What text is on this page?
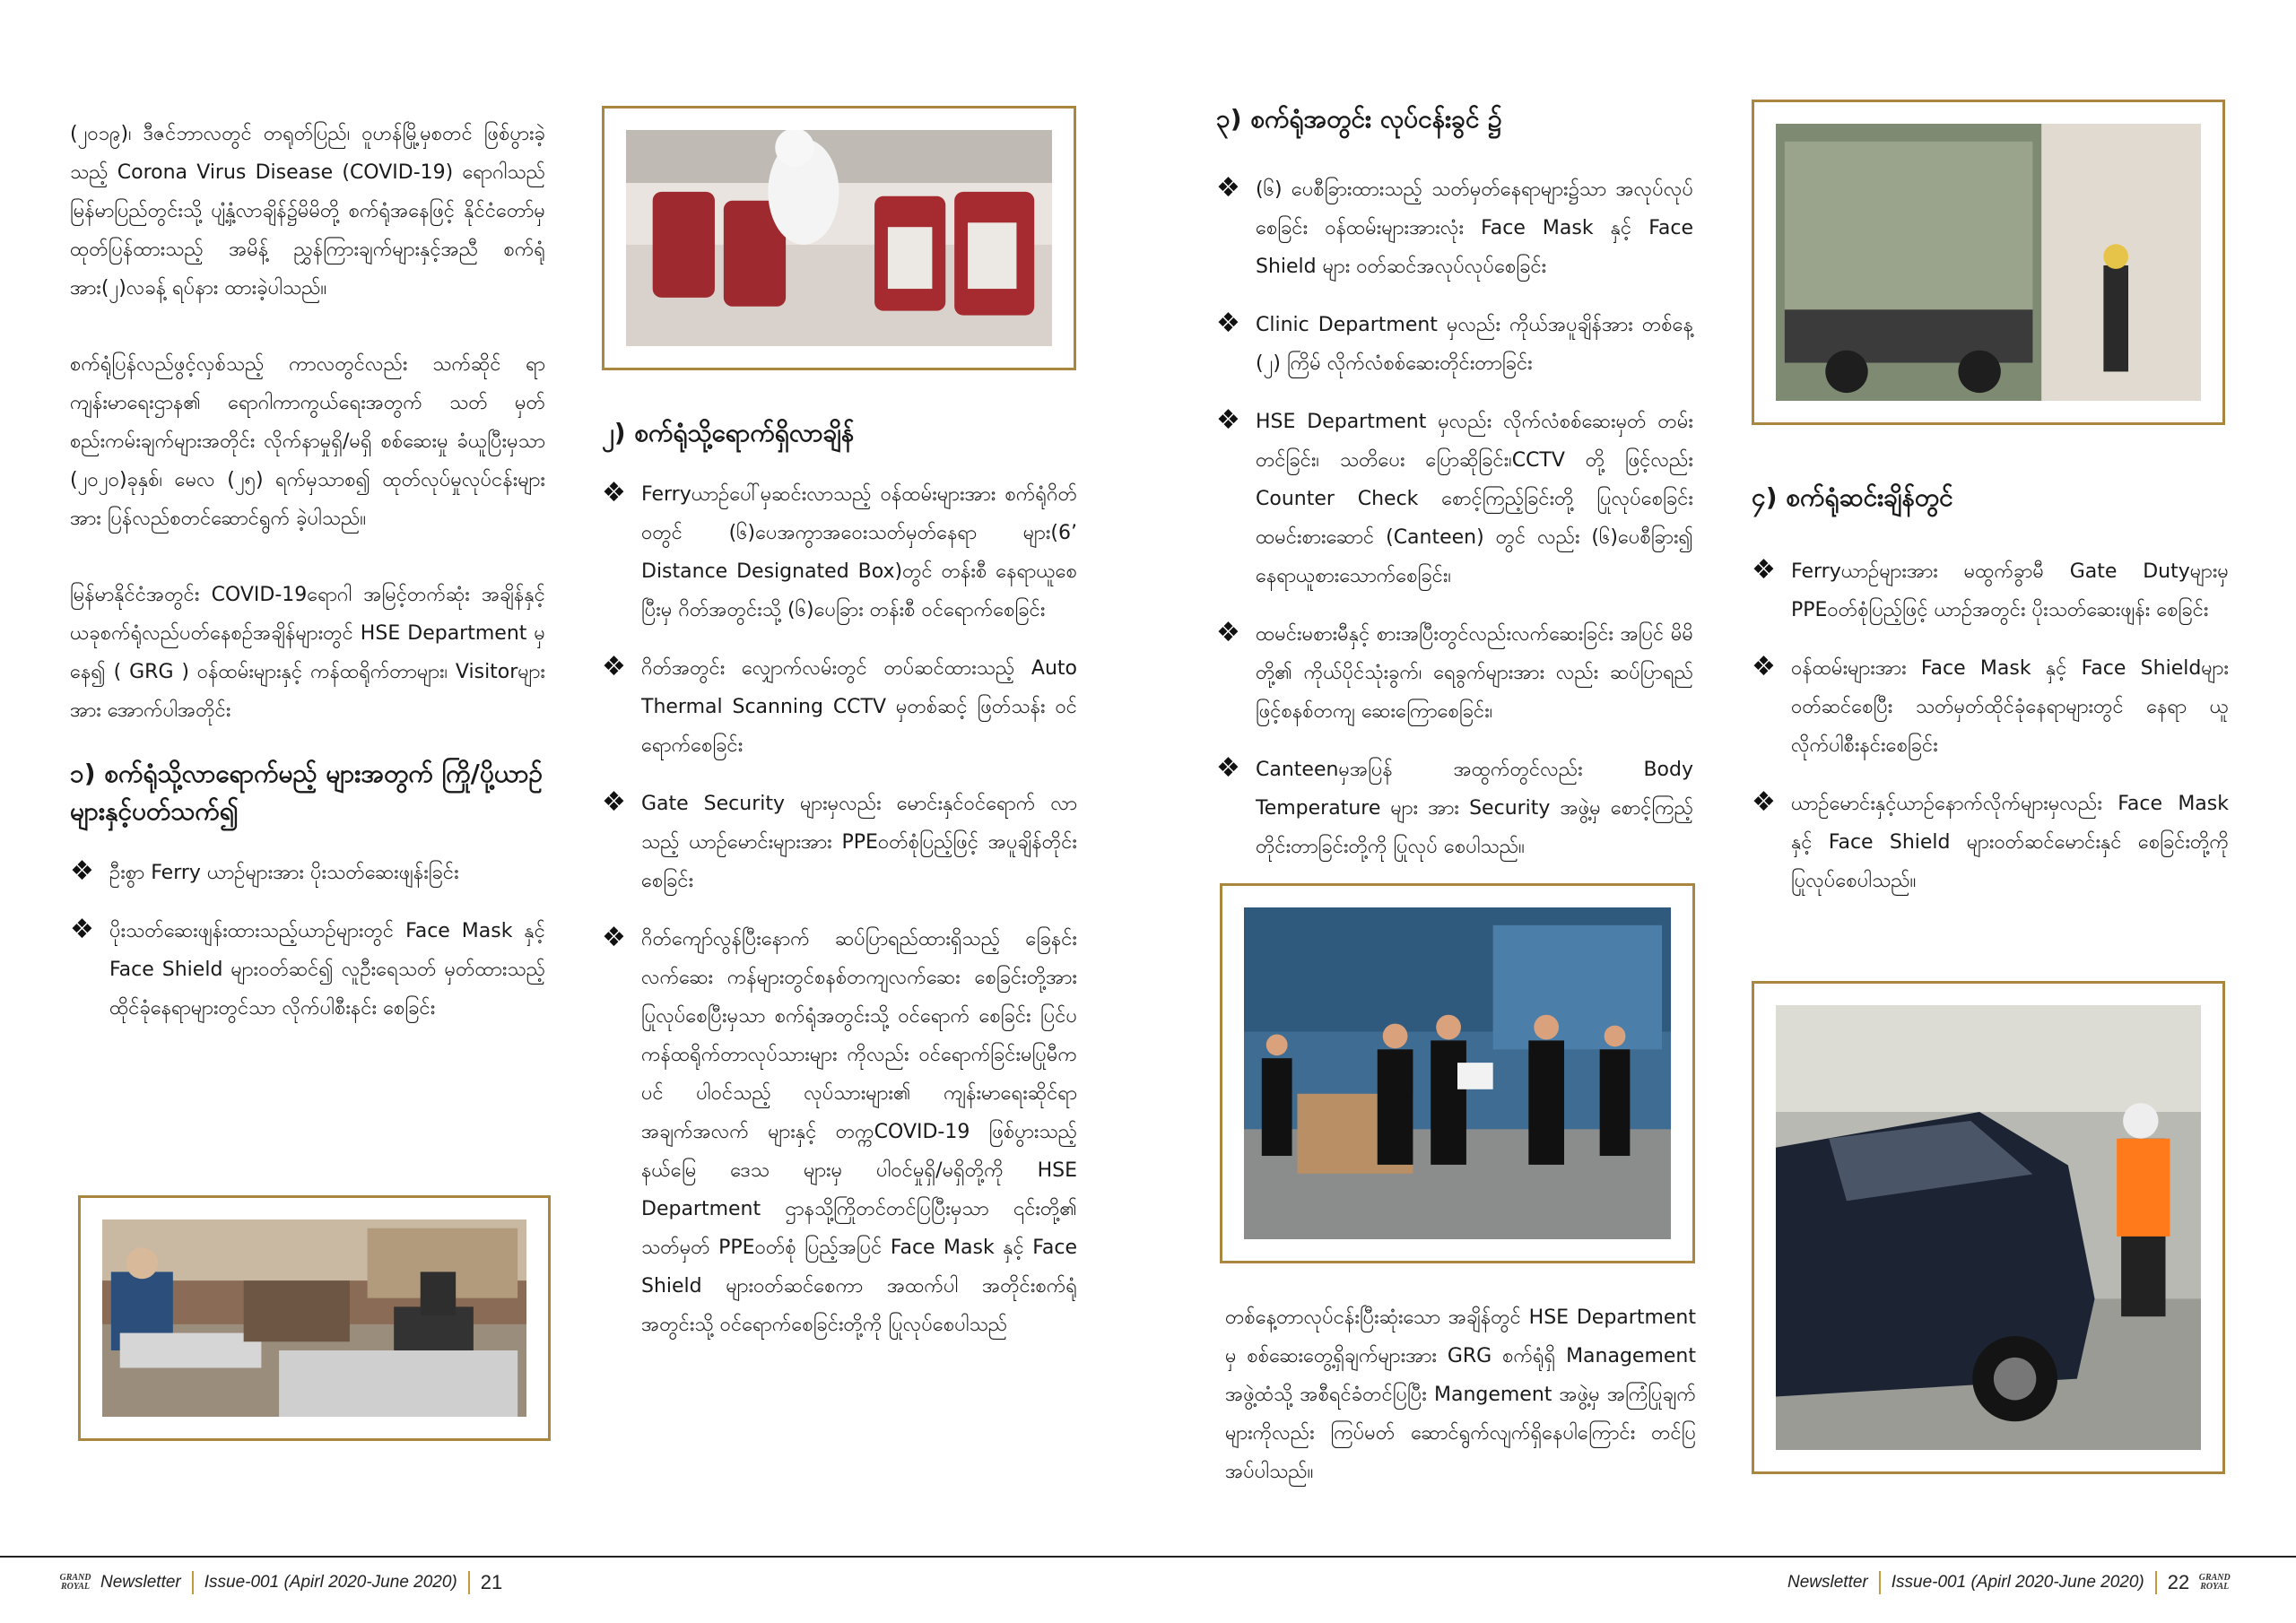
(၂၀၁၉)၊ ဒီဇင်ဘာလတွင် တရုတ်ပြည်၊ ဝူဟန်မြို့မှစတင် ဖြစ်ပွားခဲ့သည့် Corona Virus Disease (COVID-19) ရောဂါသည် မြန်မာပြည်တွင်းသို့ ပျံ့နှံ့လာချိန်၌မိမိတို့ စက်ရုံအနေဖြင့် နိုင်ငံတော်မှထုတ်ပြန်ထားသည့် အမိန့် ညွှန်ကြားချက်များနှင့်အညီ စက်ရုံအား(၂)လခန့် ရပ်နား ထားခဲ့ပါသည်။

စက်ရုံပြန်လည်ဖွင့်လှစ်သည့် ကာလတွင်လည်း သက်ဆိုင် ရာကျန်းမာရေးဌာန၏ ရောဂါကာကွယ်ရေးအတွက် သတ် မှတ် စည်းကမ်းချက်များအတိုင်း လိုက်နာမှုရှိ/မရှိ စစ်ဆေးမှု ခံယူပြီးမှသာ (၂၀၂၀)ခုနှစ်၊ မေလ (၂၅) ရက်မှသာစ၍ ထုတ်လုပ်မှုလုပ်ငန်းများအား ပြန်လည်စတင်ဆောင်ရွက် ခဲ့ပါသည်။

မြန်မာနိုင်ငံအတွင်း COVID-19ရောဂါ အမြင့်တက်ဆုံး အချိန်နှင့် ယခုစက်ရုံလည်ပတ်နေစဉ်အချိန်များတွင် HSE Department မှနေ၍ ( GRG ) ဝန်ထမ်းများနှင့် ကန်ထရိုက်တာများ၊ Visitorများအား အောက်ပါအတိုင်း

၁) စက်ရုံသို့လာရောက်မည့် များအတွက် ကြို/ပို့ယာဉ်များနှင့်ပတ်သက်၍
❖ ဦးစွာ Ferry ယာဉ်များအား ပိုးသတ်ဆေးဖျန်းခြင်း
❖ ပိုးသတ်ဆေးဖျန်းထားသည့်ယာဉ်များတွင် Face Mask နှင့် Face Shield များဝတ်ဆင်၍ လူဦးရေသတ် မှတ်ထားသည့်ထိုင်ခုံနေရာများတွင်သာ လိုက်ပါစီးနင်း စေခြင်း
၂) စက်ရုံသို့ရောက်ရှိလာချိန်
❖ Ferryယာဉ်ပေါ်မှဆင်းလာသည့် ဝန်ထမ်းများအား စက်ရုံဂိတ်ဝတွင် (၆)ပေအကွာအဝေးသတ်မှတ်နေရာ များ(6’ Distance Designated Box)တွင် တန်းစီ နေရာယူစေပြီးမှ ဂိတ်အတွင်းသို့ (၆)ပေခြား တန်းစီ ဝင်ရောက်စေခြင်း
❖ ဂိတ်အတွင်း လျှောက်လမ်းတွင် တပ်ဆင်ထားသည့် Auto Thermal Scanning CCTV မှတစ်ဆင့် ဖြတ်သန်း ဝင်ရောက်စေခြင်း
❖ Gate Security များမှလည်း မောင်းနှင်ဝင်ရောက် လာသည့် ယာဉ်မောင်းများအား PPEဝတ်စုံပြည့်ဖြင့် အပူချိန်တိုင်းစေခြင်း
❖ ဂိတ်ကျော်လွန်ပြီးနောက် ဆပ်ပြာရည်ထားရှိသည့် ခြေနင်းလက်ဆေး ကန်များတွင်စနစ်တကျလက်ဆေး စေခြင်းတို့အား ပြုလုပ်စေပြီးမှသာ စက်ရုံအတွင်းသို့ ဝင်ရောက် စေခြင်း ပြင်ပကန်ထရိုက်တာလုပ်သားများ ကိုလည်း ဝင်ရောက်ခြင်းမပြုမီကပင် ပါဝင်သည့် လုပ်သားများ၏ ကျန်းမာရေးဆိုင်ရာအချက်အလက် များနှင့် တက္ကCOVID-19 ဖြစ်ပွားသည့် နယ်မြေ ဒေသ များမှ ပါဝင်မှုရှိ/မရှိတို့ကို HSE Department ဌာနသို့ကြိုတင်တင်ပြပြီးမှသာ ၎င်းတို့၏ သတ်မှတ် PPEဝတ်စုံ ပြည့်အပြင် Face Mask နှင့် Face Shield များဝတ်ဆင်စေကာ အထက်ပါ အတိုင်းစက်ရုံအတွင်းသို့ ဝင်ရောက်စေခြင်းတို့ကို ပြုလုပ်စေပါသည်
၃) စက်ရုံအတွင်း လုပ်ငန်းခွင် ၌
❖ (၆) ပေစီခြားထားသည့် သတ်မှတ်နေရာများ၌သာ အလုပ်လုပ်စေခြင်း ဝန်ထမ်းများအားလုံး Face Mask နှင့် Face Shield များ ဝတ်ဆင်အလုပ်လုပ်စေခြင်း
❖ Clinic Department မှလည်း ကိုယ်အပူချိန်အား တစ်နေ့ (၂) ကြိမ် လိုက်လံစစ်ဆေးတိုင်းတာခြင်း
❖ HSE Department မှလည်း လိုက်လံစစ်ဆေးမှတ် တမ်းတင်ခြင်း၊ သတိပေး ပြောဆိုခြင်း၊CCTV တို့ ဖြင့်လည်း Counter Check စောင့်ကြည့်ခြင်းတို့ ပြုလုပ်စေခြင်း ထမင်းစားဆောင် (Canteen) တွင် လည်း (၆)ပေစီခြား၍ နေရာယူစားသောက်စေခြင်း၊
❖ ထမင်းမစားမီနှင့် စားအပြီးတွင်လည်းလက်ဆေးခြင်း အပြင် မိမိတို့၏ ကိုယ်ပိုင်သုံးခွက်၊ ရေခွက်များအား လည်း ဆပ်ပြာရည်ဖြင့်စနစ်တကျ ဆေးကြောစေခြင်း၊
❖ Canteenမှအပြန် အထွက်တွင်လည်း Body Temperature များ အား Security အဖွဲ့မှ စောင့်ကြည့် တိုင်းတာခြင်းတို့ကို ပြုလုပ် စေပါသည်။

တစ်နေ့တာလုပ်ငန်းပြီးဆုံးသော အချိန်တွင် HSE Department မှ စစ်ဆေးတွေ့ရှိချက်များအား GRG စက်ရုံရှိ Management အဖွဲ့ထံသို့ အစီရင်ခံတင်ပြပြီး Mangement အဖွဲ့မှ အကြံပြုချက်များကိုလည်း ကြပ်မတ် ဆောင်ရွက်လျက်ရှိနေပါကြောင်း တင်ပြအပ်ပါသည်။

၄) စက်ရုံဆင်းချိန်တွင်
❖ Ferryယာဉ်များအား မထွက်ခွာမီ Gate Dutyများမှ PPEဝတ်စုံပြည့်ဖြင့် ယာဉ်အတွင်း ပိုးသတ်ဆေးဖျန်း စေခြင်း
❖ ဝန်ထမ်းများအား Face Mask နှင့် Face Shieldများ ဝတ်ဆင်စေပြီး သတ်မှတ်ထိုင်ခုံနေရာများတွင် နေရာ ယူလိုက်ပါစီးနင်းစေခြင်း
❖ ယာဉ်မောင်းနှင့်ယာဉ်နောက်လိုက်များမှလည်း Face Mask နှင့် Face Shield များဝတ်ဆင်မောင်းနှင် စေခြင်းတို့ကို ပြုလုပ်စေပါသည်။
GRAND
ROYAL Newsletter Issue-001 (Apirl 2020-June 2020) 21	Newsletter Issue-001 (Apirl 2020-June 2020) 22 GRAND
ROYAL
